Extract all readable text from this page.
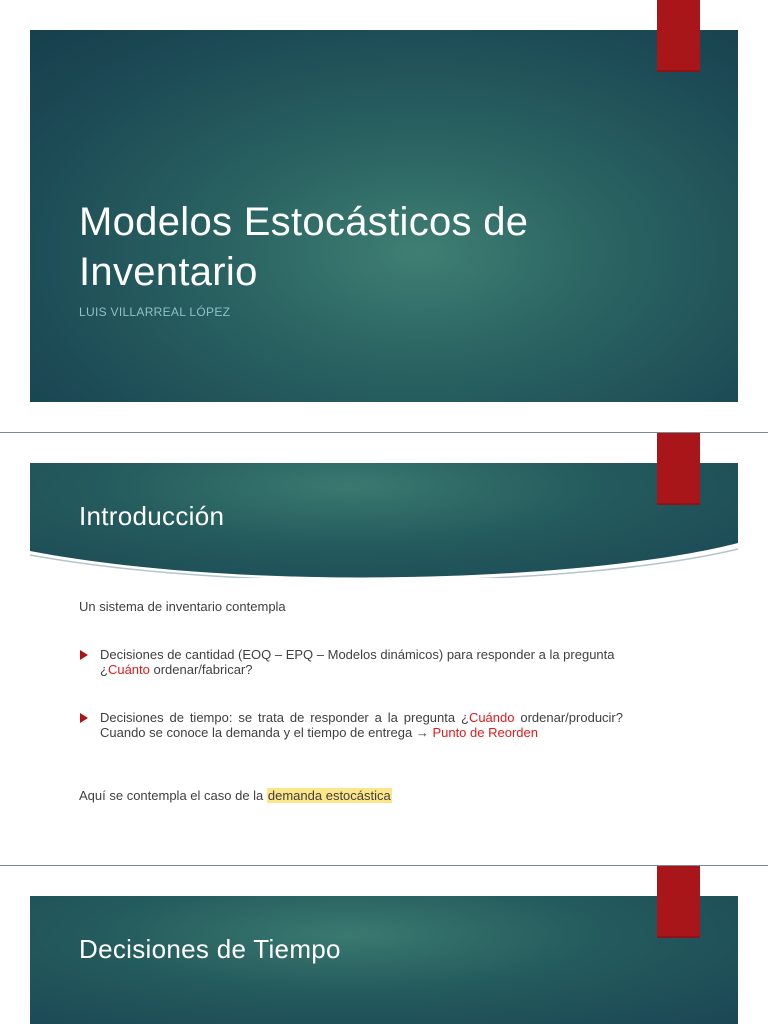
Modelos Estocásticos de Inventario
LUIS VILLARREAL LÓPEZ
Introducción
Un sistema de inventario contempla
Decisiones de cantidad (EOQ – EPQ – Modelos dinámicos) para responder a la pregunta ¿Cuánto ordenar/fabricar?
Decisiones de tiempo: se trata de responder a la pregunta ¿Cuándo ordenar/producir? Cuando se conoce la demanda y el tiempo de entrega → Punto de Reorden
Aquí se contempla el caso de la demanda estocástica
Decisiones de Tiempo
